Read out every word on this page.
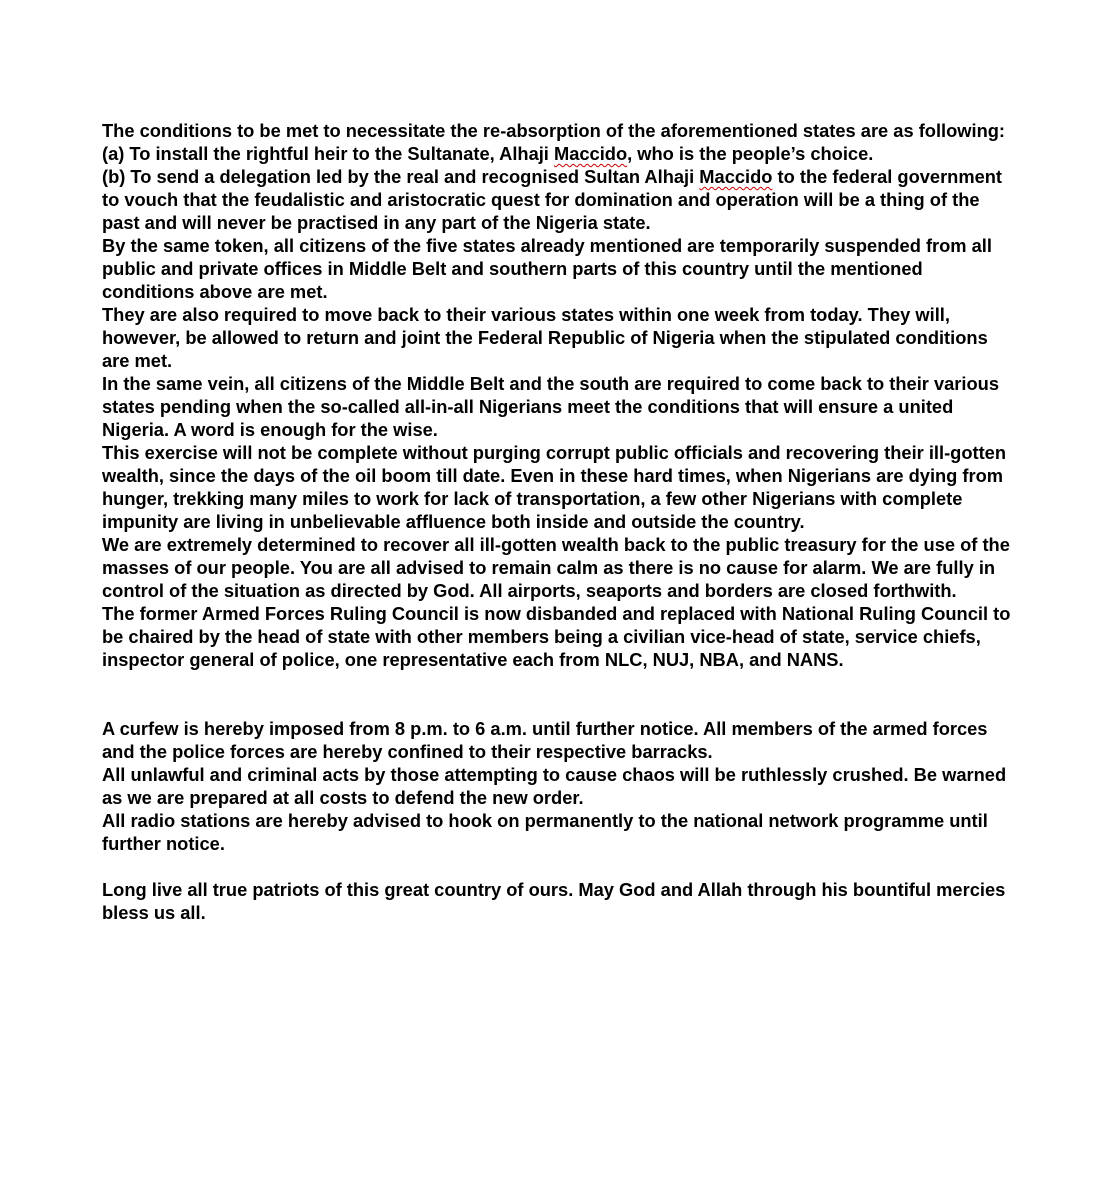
The conditions to be met to necessitate the re-absorption of the aforementioned states are as following:

(a) To install the rightful heir to the Sultanate, Alhaji Maccido, who is the people’s choice.

(b) To send a delegation led by the real and recognised Sultan Alhaji Maccido to the federal government to vouch that the feudalistic and aristocratic quest for domination and operation will be a thing of the past and will never be practised in any part of the Nigeria state.

By the same token, all citizens of the five states already mentioned are temporarily suspended from all public and private offices in Middle Belt and southern parts of this country until the mentioned conditions above are met.

They are also required to move back to their various states within one week from today. They will, however, be allowed to return and joint the Federal Republic of Nigeria when the stipulated conditions are met.

In the same vein, all citizens of the Middle Belt and the south are required to come back to their various states pending when the so-called all-in-all Nigerians meet the conditions that will ensure a united Nigeria. A word is enough for the wise.

This exercise will not be complete without purging corrupt public officials and recovering their ill-gotten wealth, since the days of the oil boom till date. Even in these hard times, when Nigerians are dying from hunger, trekking many miles to work for lack of transportation, a few other Nigerians with complete impunity are living in unbelievable affluence both inside and outside the country.

We are extremely determined to recover all ill-gotten wealth back to the public treasury for the use of the masses of our people. You are all advised to remain calm as there is no cause for alarm. We are fully in control of the situation as directed by God. All airports, seaports and borders are closed forthwith.

The former Armed Forces Ruling Council is now disbanded and replaced with National Ruling Council to be chaired by the head of state with other members being a civilian vice-head of state, service chiefs, inspector general of police, one representative each from NLC, NUJ, NBA, and NANS.

A curfew is hereby imposed from 8 p.m. to 6 a.m. until further notice. All members of the armed forces and the police forces are hereby confined to their respective barracks.

All unlawful and criminal acts by those attempting to cause chaos will be ruthlessly crushed. Be warned as we are prepared at all costs to defend the new order.

All radio stations are hereby advised to hook on permanently to the national network programme until further notice.

Long live all true patriots of this great country of ours. May God and Allah through his bountiful mercies bless us all.
